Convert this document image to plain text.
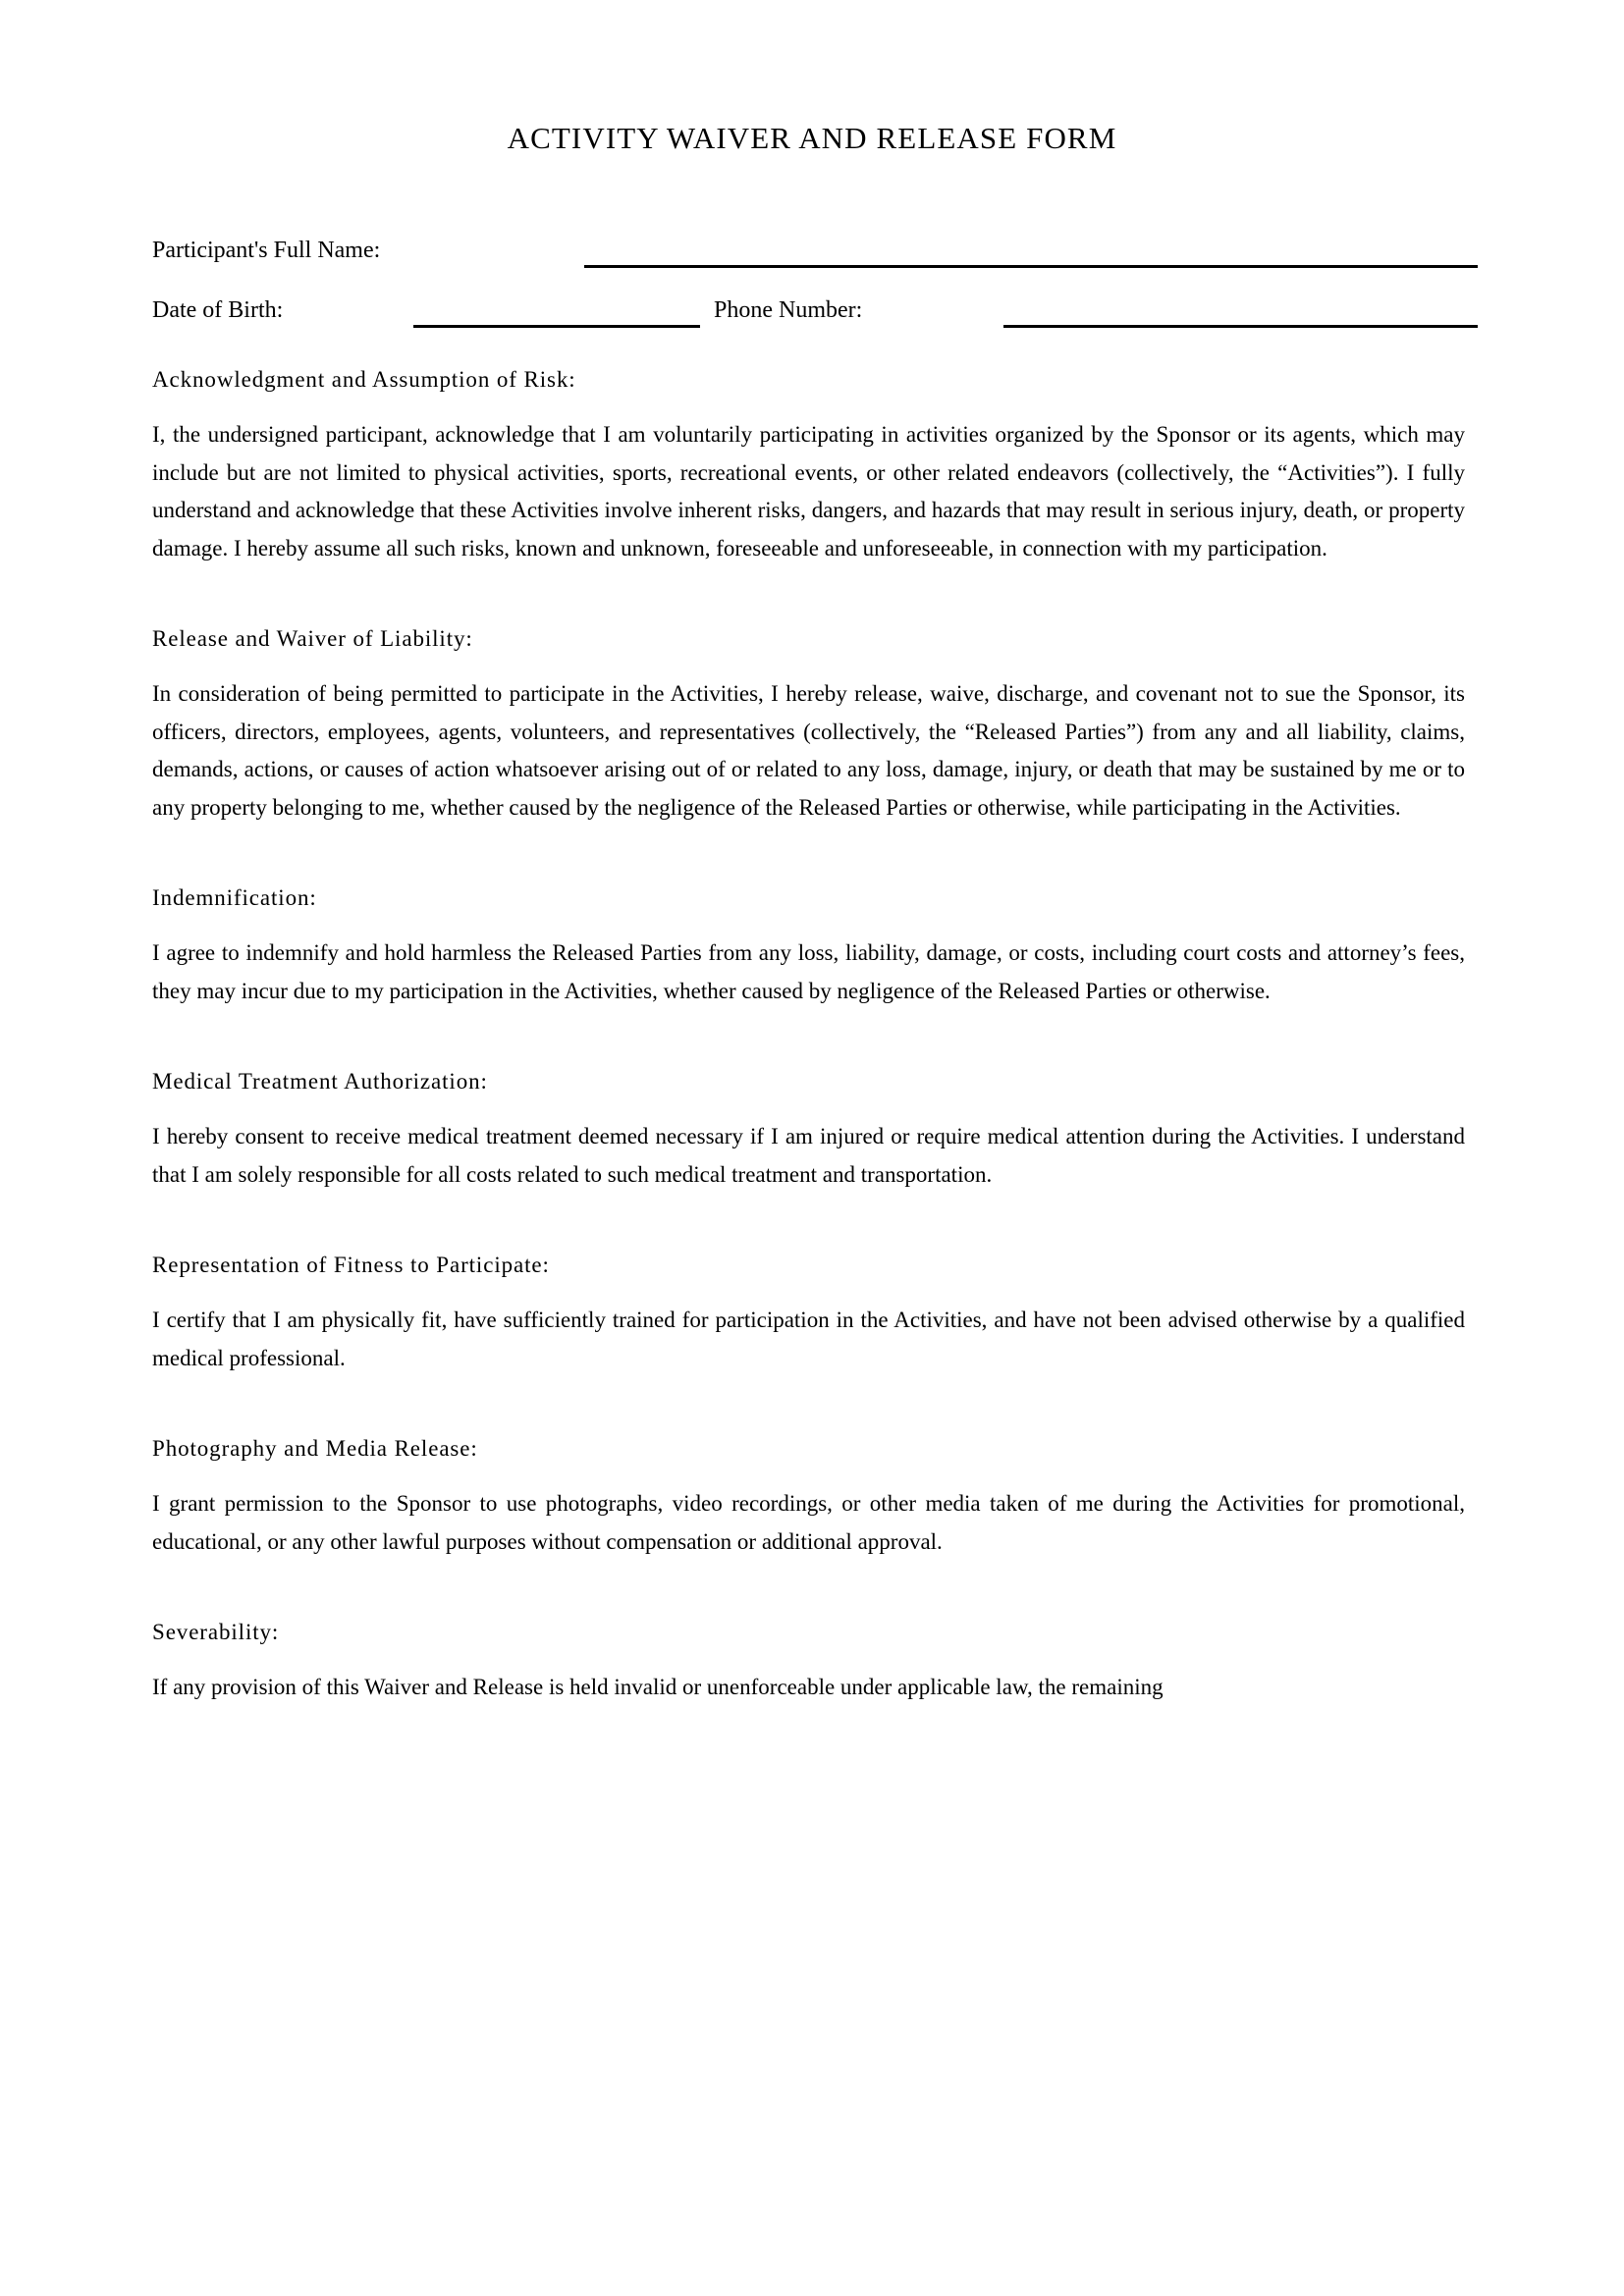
ACTIVITY WAIVER AND RELEASE FORM
Participant's Full Name:
Date of Birth:	Phone Number:
Acknowledgment and Assumption of Risk:

I, the undersigned participant, acknowledge that I am voluntarily participating in activities organized by the Sponsor or its agents, which may include but are not limited to physical activities, sports, recreational events, or other related endeavors (collectively, the “Activities”). I fully understand and acknowledge that these Activities involve inherent risks, dangers, and hazards that may result in serious injury, death, or property damage. I hereby assume all such risks, known and unknown, foreseeable and unforeseeable, in connection with my participation.

Release and Waiver of Liability:

In consideration of being permitted to participate in the Activities, I hereby release, waive, discharge, and covenant not to sue the Sponsor, its officers, directors, employees, agents, volunteers, and representatives (collectively, the “Released Parties”) from any and all liability, claims, demands, actions, or causes of action whatsoever arising out of or related to any loss, damage, injury, or death that may be sustained by me or to any property belonging to me, whether caused by the negligence of the Released Parties or otherwise, while participating in the Activities.

Indemnification:

I agree to indemnify and hold harmless the Released Parties from any loss, liability, damage, or costs, including court costs and attorney’s fees, they may incur due to my participation in the Activities, whether caused by negligence of the Released Parties or otherwise.

Medical Treatment Authorization:

I hereby consent to receive medical treatment deemed necessary if I am injured or require medical attention during the Activities. I understand that I am solely responsible for all costs related to such medical treatment and transportation.

Representation of Fitness to Participate:

I certify that I am physically fit, have sufficiently trained for participation in the Activities, and have not been advised otherwise by a qualified medical professional.

Photography and Media Release:

I grant permission to the Sponsor to use photographs, video recordings, or other media taken of me during the Activities for promotional, educational, or any other lawful purposes without compensation or additional approval.

Severability:

If any provision of this Waiver and Release is held invalid or unenforceable under applicable law, the remaining
